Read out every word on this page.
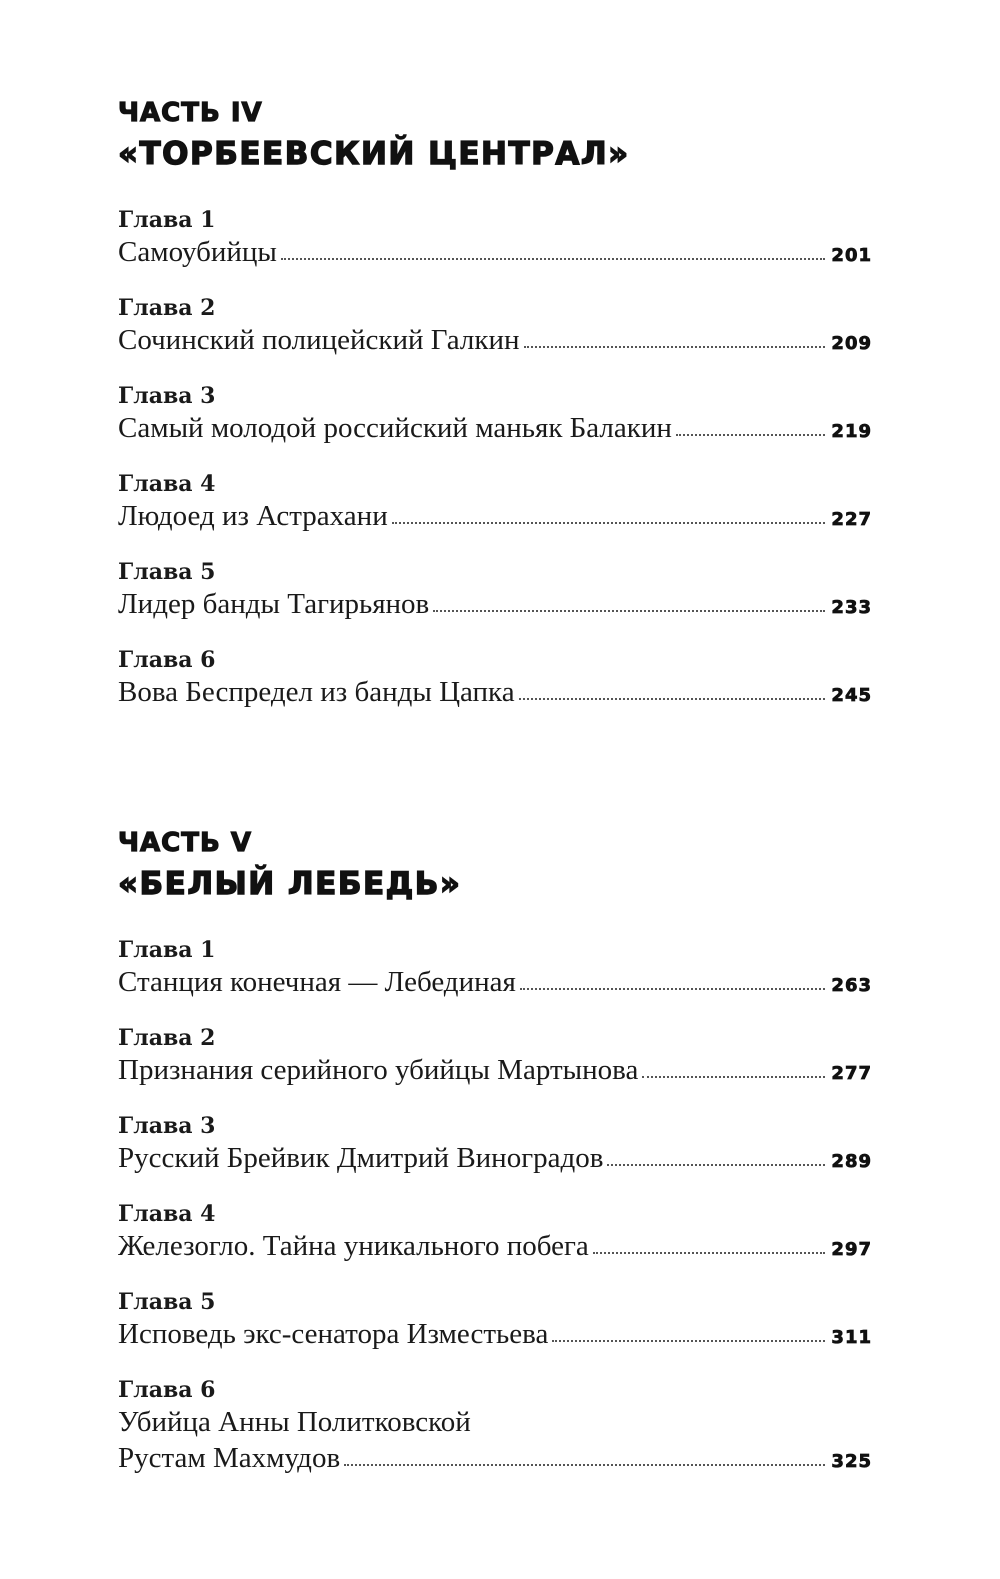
ЧАСТЬ IV
«ТОРБЕЕВСКИЙ ЦЕНТРАЛ»
Глава 1
Самоубийцы	201
Глава 2
Сочинский полицейский Галкин	209
Глава 3
Самый молодой российский маньяк Балакин	219
Глава 4
Людоед из Астрахани	227
Глава 5
Лидер банды Тагирьянов	233
Глава 6
Вова Беспредел из банды Цапка	245
ЧАСТЬ V
«БЕЛЫЙ ЛЕБЕДЬ»
Глава 1
Станция конечная — Лебединая	263
Глава 2
Признания серийного убийцы Мартынова	277
Глава 3
Русский Брейвик Дмитрий Виноградов	289
Глава 4
Железогло. Тайна уникального побега	297
Глава 5
Исповедь экс-сенатора Изместьева	311
Глава 6
Убийца Анны Политковской
Рустам Махмудов	325
